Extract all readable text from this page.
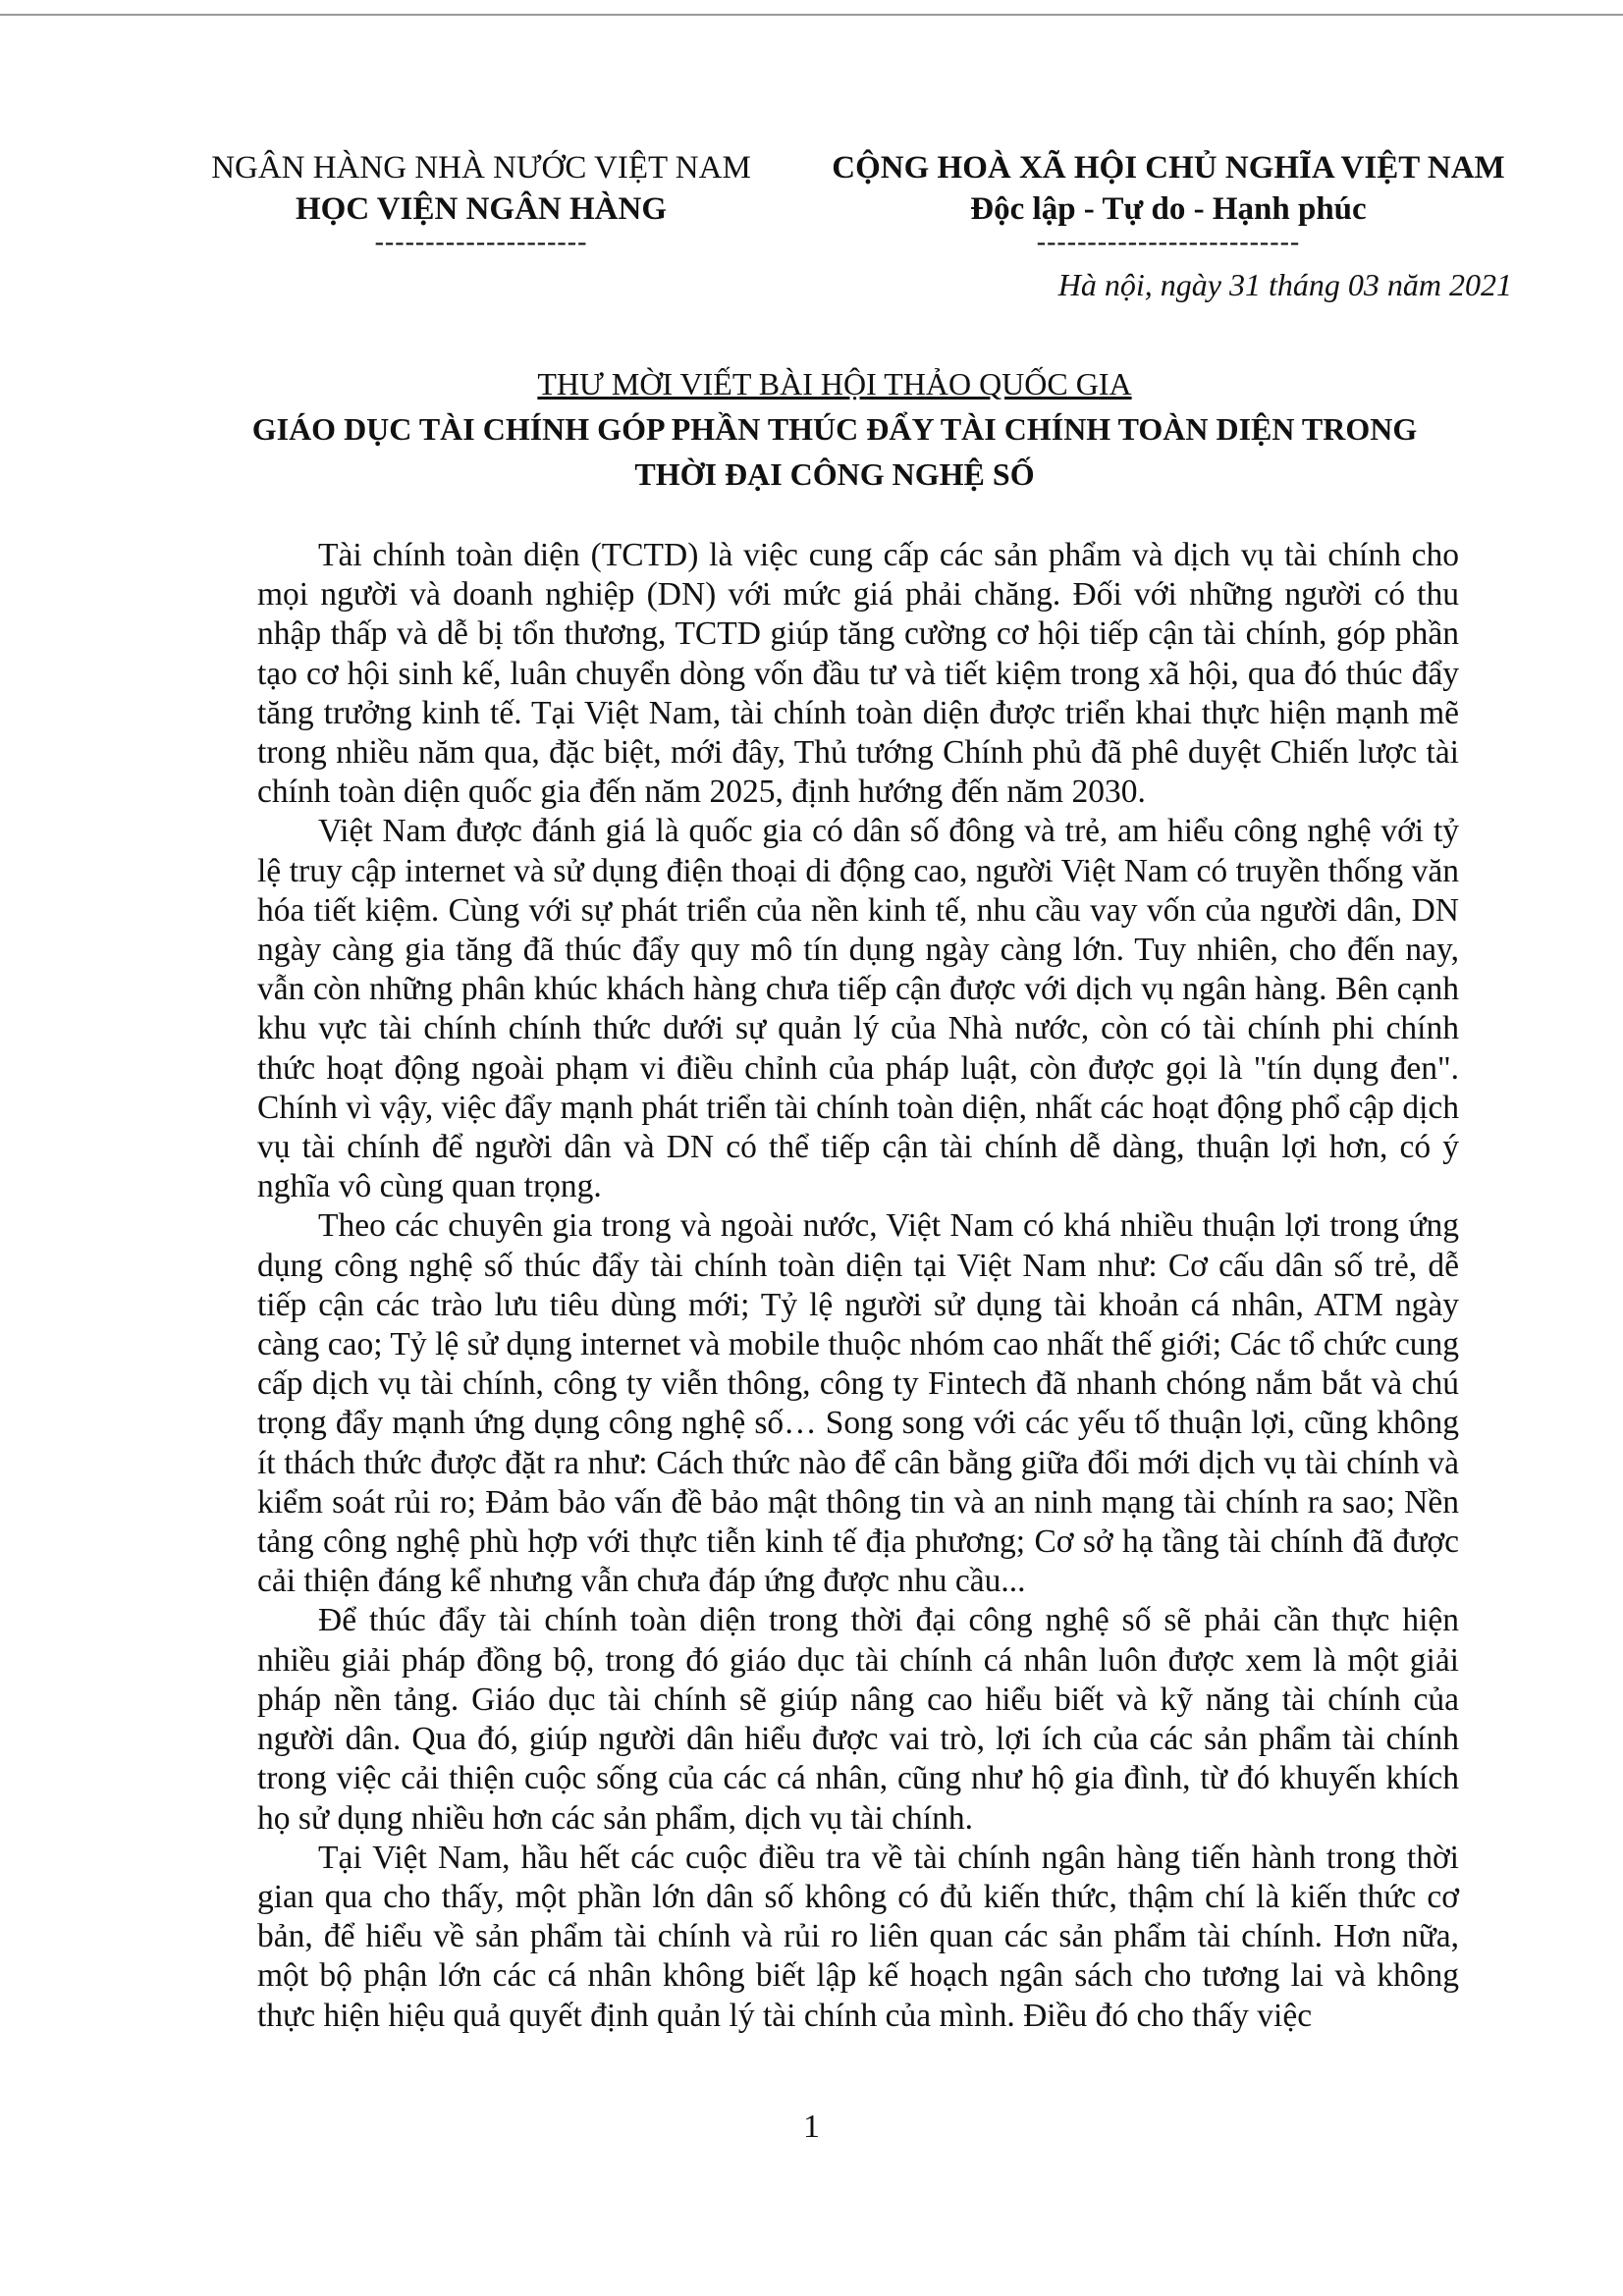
NGÂN HÀNG NHÀ NƯỚC VIỆT NAM
HỌC VIỆN NGÂN HÀNG
---------------------
CỘNG HOÀ XÃ HỘI CHỦ NGHĨA VIỆT NAM
Độc lập - Tự do - Hạnh phúc
--------------------------
Hà nội, ngày 31 tháng 03 năm 2021
THƯ MỜI VIẾT BÀI HỘI THẢO QUỐC GIA
GIÁO DỤC TÀI CHÍNH GÓP PHẦN THÚC ĐẨY TÀI CHÍNH TOÀN DIỆN TRONG
THỜI ĐẠI CÔNG NGHỆ SỐ

Tài chính toàn diện (TCTD) là việc cung cấp các sản phẩm và dịch vụ tài chính cho mọi người và doanh nghiệp (DN) với mức giá phải chăng. Đối với những người có thu nhập thấp và dễ bị tổn thương, TCTD giúp tăng cường cơ hội tiếp cận tài chính, góp phần tạo cơ hội sinh kế, luân chuyển dòng vốn đầu tư và tiết kiệm trong xã hội, qua đó thúc đẩy tăng trưởng kinh tế. Tại Việt Nam, tài chính toàn diện được triển khai thực hiện mạnh mẽ trong nhiều năm qua, đặc biệt, mới đây, Thủ tướng Chính phủ đã phê duyệt Chiến lược tài chính toàn diện quốc gia đến năm 2025, định hướng đến năm 2030.

Việt Nam được đánh giá là quốc gia có dân số đông và trẻ, am hiểu công nghệ với tỷ lệ truy cập internet và sử dụng điện thoại di động cao, người Việt Nam có truyền thống văn hóa tiết kiệm. Cùng với sự phát triển của nền kinh tế, nhu cầu vay vốn của người dân, DN ngày càng gia tăng đã thúc đẩy quy mô tín dụng ngày càng lớn. Tuy nhiên, cho đến nay, vẫn còn những phân khúc khách hàng chưa tiếp cận được với dịch vụ ngân hàng. Bên cạnh khu vực tài chính chính thức dưới sự quản lý của Nhà nước, còn có tài chính phi chính thức hoạt động ngoài phạm vi điều chỉnh của pháp luật, còn được gọi là "tín dụng đen". Chính vì vậy, việc đẩy mạnh phát triển tài chính toàn diện, nhất các hoạt động phổ cập dịch vụ tài chính để người dân và DN có thể tiếp cận tài chính dễ dàng, thuận lợi hơn, có ý nghĩa vô cùng quan trọng.

Theo các chuyên gia trong và ngoài nước, Việt Nam có khá nhiều thuận lợi trong ứng dụng công nghệ số thúc đẩy tài chính toàn diện tại Việt Nam như: Cơ cấu dân số trẻ, dễ tiếp cận các trào lưu tiêu dùng mới; Tỷ lệ người sử dụng tài khoản cá nhân, ATM ngày càng cao; Tỷ lệ sử dụng internet và mobile thuộc nhóm cao nhất thế giới; Các tổ chức cung cấp dịch vụ tài chính, công ty viễn thông, công ty Fintech đã nhanh chóng nắm bắt và chú trọng đẩy mạnh ứng dụng công nghệ số… Song song với các yếu tố thuận lợi, cũng không ít thách thức được đặt ra như: Cách thức nào để cân bằng giữa đổi mới dịch vụ tài chính và kiểm soát rủi ro; Đảm bảo vấn đề bảo mật thông tin và an ninh mạng tài chính ra sao; Nền tảng công nghệ phù hợp với thực tiễn kinh tế địa phương; Cơ sở hạ tầng tài chính đã được cải thiện đáng kể nhưng vẫn chưa đáp ứng được nhu cầu...

Để thúc đẩy tài chính toàn diện trong thời đại công nghệ số sẽ phải cần thực hiện nhiều giải pháp đồng bộ, trong đó giáo dục tài chính cá nhân luôn được xem là một giải pháp nền tảng. Giáo dục tài chính sẽ giúp nâng cao hiểu biết và kỹ năng tài chính của người dân. Qua đó, giúp người dân hiểu được vai trò, lợi ích của các sản phẩm tài chính trong việc cải thiện cuộc sống của các cá nhân, cũng như hộ gia đình, từ đó khuyến khích họ sử dụng nhiều hơn các sản phẩm, dịch vụ tài chính.

Tại Việt Nam, hầu hết các cuộc điều tra về tài chính ngân hàng tiến hành trong thời gian qua cho thấy, một phần lớn dân số không có đủ kiến thức, thậm chí là kiến thức cơ bản, để hiểu về sản phẩm tài chính và rủi ro liên quan các sản phẩm tài chính. Hơn nữa, một bộ phận lớn các cá nhân không biết lập kế hoạch ngân sách cho tương lai và không thực hiện hiệu quả quyết định quản lý tài chính của mình. Điều đó cho thấy việc

1
